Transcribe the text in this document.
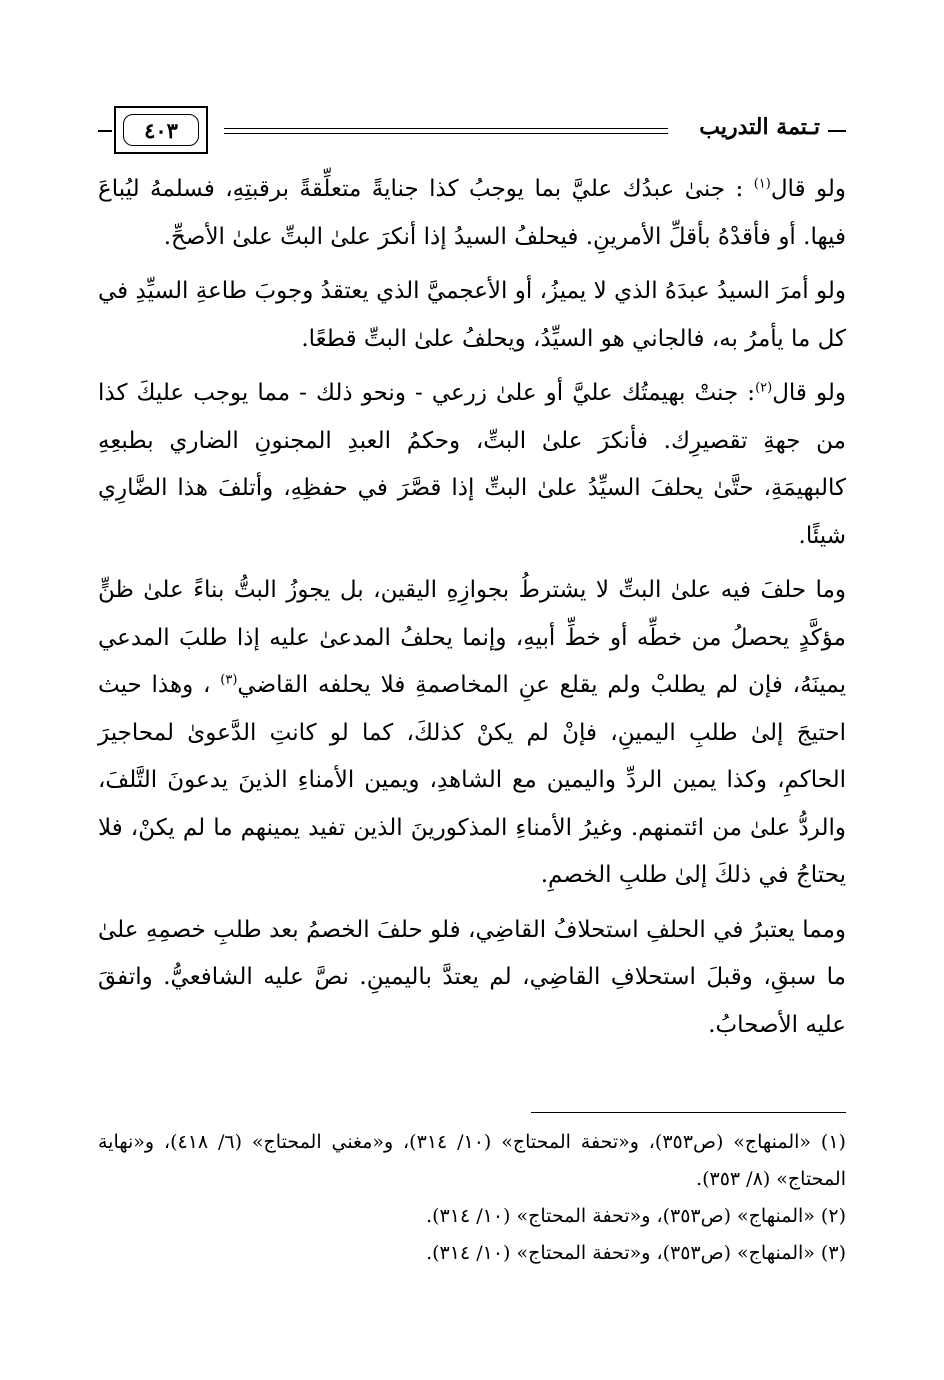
تـتمة التدريب
٤٠٣

ولو قال$^{(١)}$ : جنىٰ عبدُك عليَّ بما يوجبُ كذا جنايةً متعلِّقةً برقبتِهِ، فسلمهُ ليُباعَ فيها. أو فأقدْهُ بأقلِّ الأمرينِ. فيحلفُ السيدُ إذا أنكرَ علىٰ البتِّ علىٰ الأصحِّ.

ولو أمرَ السيدُ عبدَهُ الذي لا يميزُ، أو الأعجميَّ الذي يعتقدُ وجوبَ طاعةِ السيِّدِ في كل ما يأمرُ به، فالجاني هو السيِّدُ، ويحلفُ علىٰ البتِّ قطعًا.

ولو قال$^{(٢)}$: جنتْ بهيمتُك عليَّ أو علىٰ زرعي - ونحو ذلك - مما يوجب عليكَ كذا من جهةِ تقصيرِك. فأنكرَ علىٰ البتِّ، وحكمُ العبدِ المجنونِ الضاري بطبعِهِ كالبهيمَةِ، حتَّىٰ يحلفَ السيِّدُ علىٰ البتِّ إذا قصَّرَ في حفظِهِ، وأتلفَ هذا الضَّارِي شيئًا.

وما حلفَ فيه علىٰ البتِّ لا يشترطُ بجوازِهِ اليقين، بل يجوزُ البتُّ بناءً علىٰ ظنٍّ مؤكَّدٍ يحصلُ من خطِّه أو خطِّ أبيهِ، وإنما يحلفُ المدعىٰ عليه إذا طلبَ المدعي يمينَهُ، فإن لم يطلبْ ولم يقلع عنِ المخاصمةِ فلا يحلفه القاضي$^{(٣)}$ ، وهذا حيث احتيجَ إلىٰ طلبِ اليمينِ، فإنْ لم يكنْ كذلكَ، كما لو كانتِ الدَّعوىٰ لمحاجيرَ الحاكمِ، وكذا يمين الردِّ واليمين مع الشاهدِ، ويمين الأمناءِ الذينَ يدعونَ التَّلفَ، والردُّ علىٰ من ائتمنهم. وغيرُ الأمناءِ المذكورينَ الذين تفيد يمينهم ما لم يكنْ، فلا يحتاجُ في ذلكَ إلىٰ طلبِ الخصمِ.

ومما يعتبرُ في الحلفِ استحلافُ القاضِي، فلو حلفَ الخصمُ بعد طلبِ خصمِهِ علىٰ ما سبقِ، وقبلَ استحلافِ القاضِي، لم يعتدَّ باليمينِ. نصَّ عليه الشافعيُّ. واتفقَ عليه الأصحابُ.

(١) «المنهاج» (ص٣٥٣)، و«تحفة المحتاج» (١٠/ ٣١٤)، و«مغني المحتاج» (٦/ ٤١٨)، و«نهاية المحتاج» (٨/ ٣٥٣).

(٢) «المنهاج» (ص٣٥٣)، و«تحفة المحتاج» (١٠/ ٣١٤).

(٣) «المنهاج» (ص٣٥٣)، و«تحفة المحتاج» (١٠/ ٣١٤).
